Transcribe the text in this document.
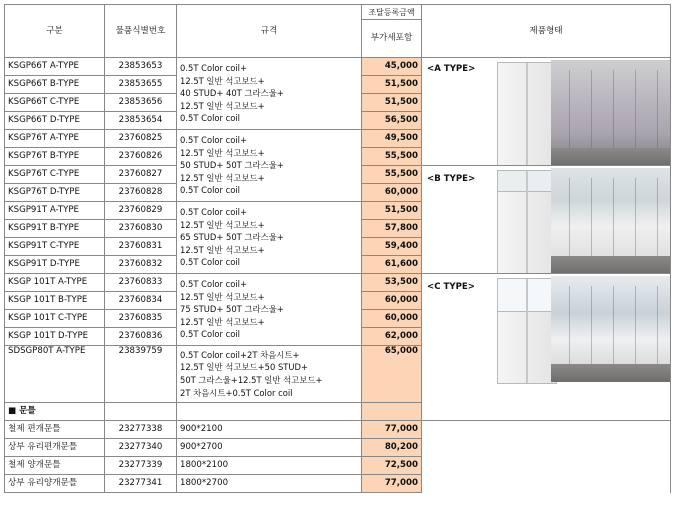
구분	물품식별번호	규격	조달등록금액	제품형태	
			부가세포함		
KSGP66T A-TYPE	23853653	0.5T Color coil+
12.5T 일반 석고보드+
40 STUD+ 40T 그라스울+
12.5T 일반 석고보드+
0.5T Color coil	45,000	<A TYPE>	

KSGP66T B-TYPE	23853655		51,500		
KSGP66T C-TYPE	23853656		51,500		
KSGP66T D-TYPE	23853654		56,500		
KSGP76T A-TYPE	23760825	0.5T Color coil+
12.5T 일반 석고보드+
50 STUD+ 50T 그라스울+
12.5T 일반 석고보드+
0.5T Color coil	49,500		
KSGP76T B-TYPE	23760826		55,500		
KSGP76T C-TYPE	23760827		55,500	<B TYPE>	

KSGP76T D-TYPE	23760828		60,000		
KSGP91T A-TYPE	23760829	0.5T Color coil+
12.5T 일반 석고보드+
65 STUD+ 50T 그라스울+
12.5T 일반 석고보드+
0.5T Color coil	51,500		
KSGP91T B-TYPE	23760830		57,800		
KSGP91T C-TYPE	23760831		59,400		
KSGP91T D-TYPE	23760832		61,600		
KSGP 101T A-TYPE	23760833	0.5T Color coil+
12.5T 일반 석고보드+
75 STUD+ 50T 그라스울+
12.5T 일반 석고보드+
0.5T Color coil	53,500	<C TYPE>	

KSGP 101T B-TYPE	23760834		60,000		
KSGP 101T C-TYPE	23760835		60,000		
KSGP 101T D-TYPE	23760836		62,000		
SDSGP80T A-TYPE	23839759	0.5T Color coil+2T 차음시트+
12.5T 일반 석고보드+50 STUD+
50T 그라스울+12.5T 일반 석고보드+
2T 차음시트+0.5T Color coil	65,000	

■ 문틀					
철제 편개문틀	23277338	900*2100	77,000		
상부 유리편개문틀	23277340	900*2700	80,200		
철제 양개문틀	23277339	1800*2100	72,500		
상부 유리양개문틀	23277341	1800*2700	77,000		
